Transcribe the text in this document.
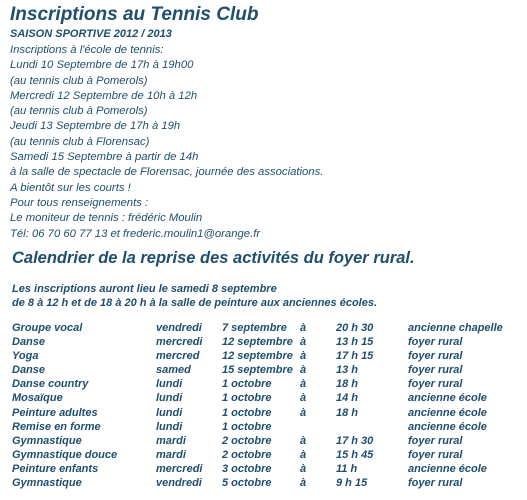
Inscriptions au Tennis Club
SAISON SPORTIVE 2012 / 2013
Inscriptions à l'école de tennis:
Lundi 10 Septembre de 17h à 19h00
(au tennis club à Pomerols)
Mercredi 12 Septembre de 10h à 12h
(au tennis club à Pomerols)
Jeudi 13 Septembre de 17h à 19h
(au tennis club à Florensac)
Samedi 15 Septembre à partir de 14h
à la salle de spectacle de Florensac, journée des associations.
A bientôt sur les courts !
Pour tous renseignements :
Le moniteur de tennis : frédéric Moulin
Tél: 06 70 60 77 13 et frederic.moulin1@orange.fr
Calendrier de la reprise des activités du foyer rural.
Les inscriptions auront lieu le samedi 8 septembre
de 8 à 12 h et de 18 à 20 h à la salle de peinture aux anciennes écoles.
Groupe vocal	vendredi 7 septembre à	20 h 30	ancienne chapelle
Danse	mercredi 12 septembre à	13 h 15	foyer rural
Yoga	mercred 12 septembre à	17 h 15	foyer rural
Danse	samed	15 septembre à	13 h	foyer rural
Danse country	lundi	1 octobre	à	18 h	foyer rural
Mosaïque	lundi	1 octobre	à	14 h	ancienne école
Peinture adultes	lundi	1 octobre	à	18 h	ancienne école
Remise en forme	lundi	1 octobre	ancienne école
Gymnastique	mardi	2 octobre	à	17 h 30	foyer rural
Gymnastique douce	mardi	2 octobre	à	15 h 45	foyer rural
Peinture enfants	mercredi 3 octobre	à	11 h	ancienne école
Gymnastique	vendredi 5 octobre	à	9 h 15	foyer rural
